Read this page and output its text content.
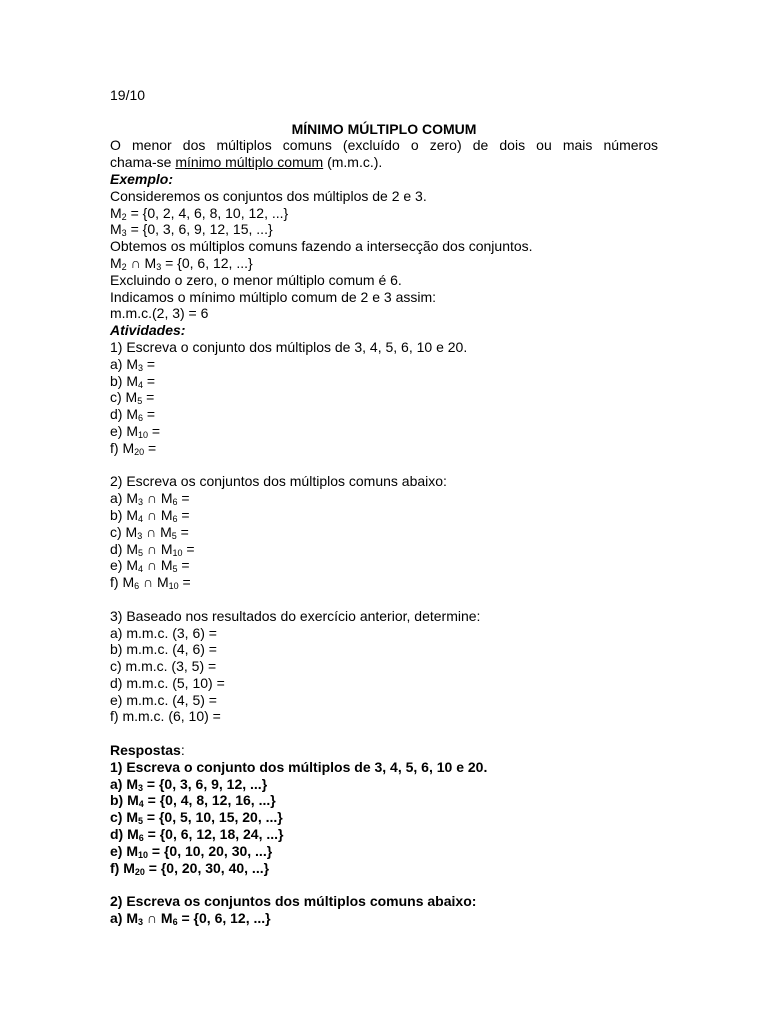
19/10
MÍNIMO MÚLTIPLO COMUM
O menor dos múltiplos comuns (excluído o zero) de dois ou mais números
chama-se mínimo múltiplo comum (m.m.c.).
Exemplo:
Consideremos os conjuntos dos múltiplos de 2 e 3.
$M_2 = \{0$, 2, 4, 6, 8, 10, 12, ...}
$M_3 = \{0$, 3, 6, 9, 12, 15, ...}
Obtemos os múltiplos comuns fazendo a intersecção dos conjuntos.
$M_2$ ∩ $M_3 = \{0$, 6, 12, ...}
Excluindo o zero, o menor múltiplo comum é 6.
Indicamos o mínimo múltiplo comum de 2 e 3 assim:
m.m.c.(2, 3) = 6
Atividades:
1) Escreva o conjunto dos múltiplos de 3, 4, 5, 6, 10 e 20.
a) $M_3$ =
b) $M_4$ =
c) $M_5$ =
d) $M_6$ =
e) $M_{10}$ =
f) $M_{20}$ =
2) Escreva os conjuntos dos múltiplos comuns abaixo:
a) $M_3$ ∩ $M_6$ =
b) $M_4$ ∩ $M_6$ =
c) $M_3$ ∩ $M_5$ =
d) $M_5$ ∩ $M_{10}$ =
e) $M_4$ ∩ $M_5$ =
f) $M_6$ ∩ $M_{10}$ =
3) Baseado nos resultados do exercício anterior, determine:
a) m.m.c. (3, 6) =
b) m.m.c. (4, 6) =
c) m.m.c. (3, 5) =
d) m.m.c. (5, 10) =
e) m.m.c. (4, 5) =
f) m.m.c. (6, 10) =
Respostas:
1) Escreva o conjunto dos múltiplos de 3, 4, 5, 6, 10 e 20.
a) $M_3 = \{0$, 3, 6, 9, 12, ...}
b) $M_4 = \{0$, 4, 8, 12, 16, ...}
c) $M_5 = \{0$, 5, 10, 15, 20, ...}
d) $M_6 = \{0$, 6, 12, 18, 24, ...}
e) $M_{10} = \{0$, 10, 20, 30, ...}
f) $M_{20} = \{0$, 20, 30, 40, ...}
2) Escreva os conjuntos dos múltiplos comuns abaixo:
a) $M_3$ ∩ $M_6 = \{0$, 6, 12, ...}
